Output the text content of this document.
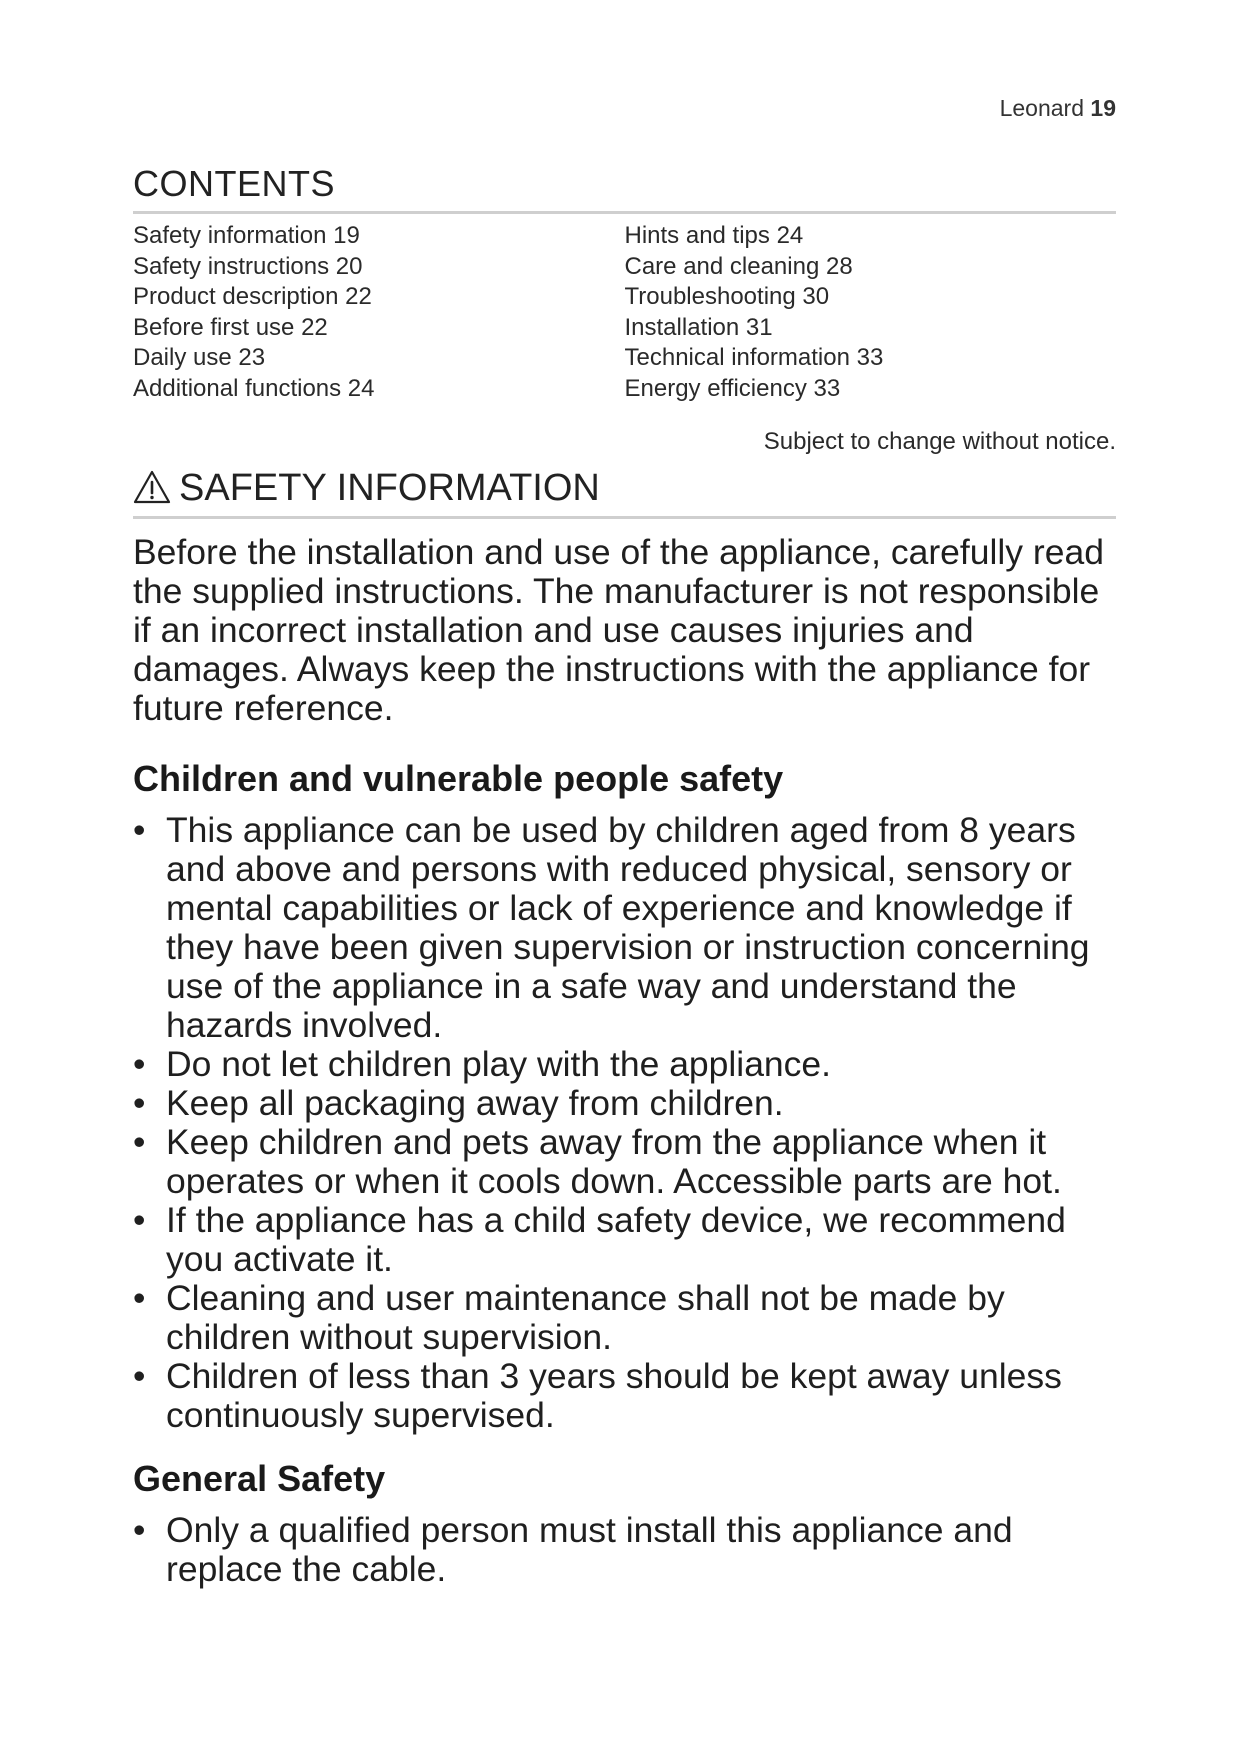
Leonard 19
CONTENTS
Safety information 19
Safety instructions 20
Product description 22
Before first use 22
Daily use 23
Additional functions 24
Hints and tips 24
Care and cleaning 28
Troubleshooting 30
Installation 31
Technical information 33
Energy efficiency 33
Subject to change without notice.
SAFETY INFORMATION
Before the installation and use of the appliance, carefully read the supplied instructions. The manufacturer is not responsible if an incorrect installation and use causes injuries and damages. Always keep the instructions with the appliance for future reference.
Children and vulnerable people safety
• This appliance can be used by children aged from 8 years and above and persons with reduced physical, sensory or mental capabilities or lack of experience and knowledge if they have been given supervision or instruction concerning use of the appliance in a safe way and understand the hazards involved.
• Do not let children play with the appliance.
• Keep all packaging away from children.
• Keep children and pets away from the appliance when it operates or when it cools down. Accessible parts are hot.
• If the appliance has a child safety device, we recommend you activate it.
• Cleaning and user maintenance shall not be made by children without supervision.
• Children of less than 3 years should be kept away unless continuously supervised.
General Safety
• Only a qualified person must install this appliance and replace the cable.
